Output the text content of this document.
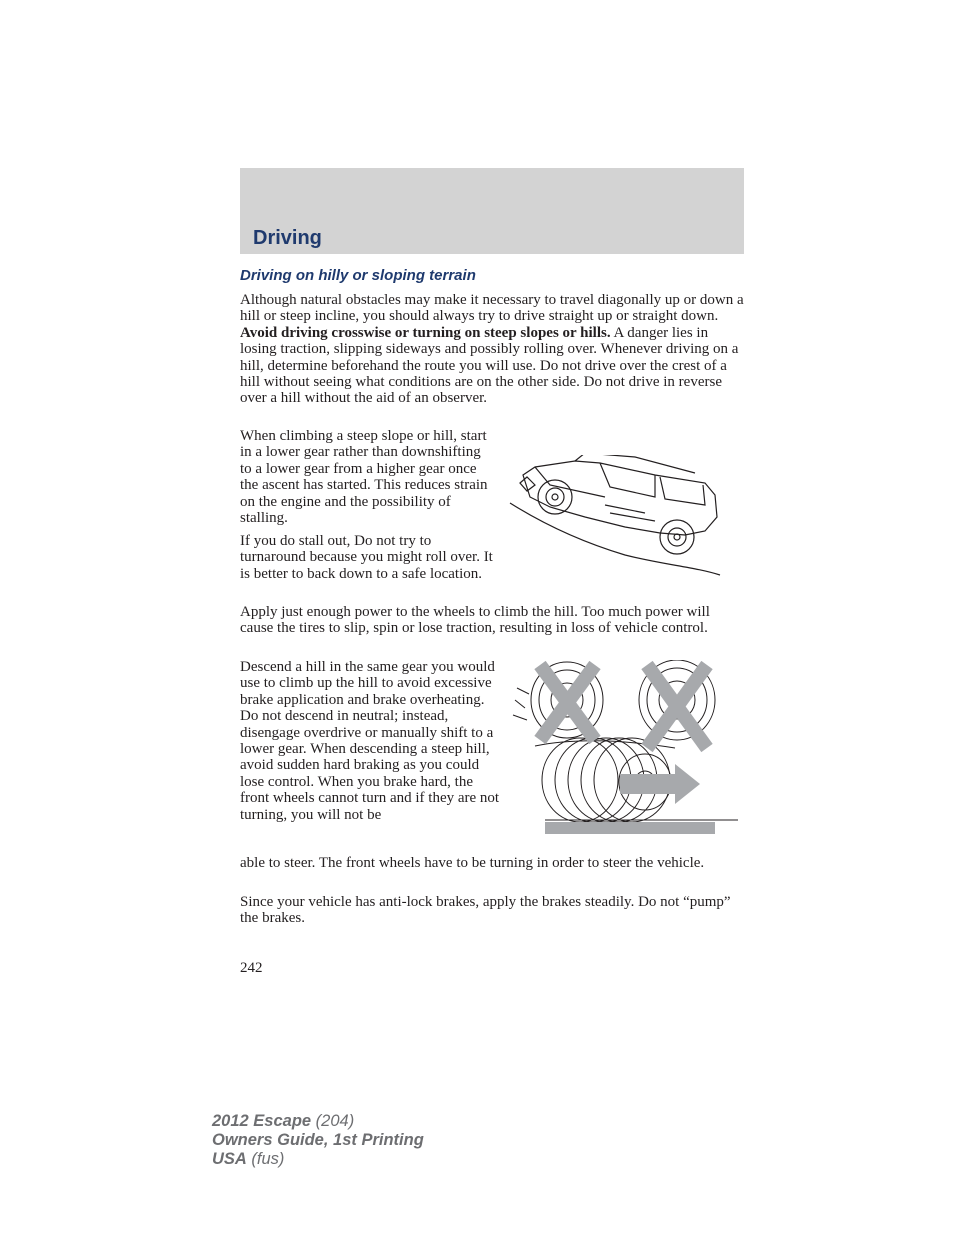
Driving
Driving on hilly or sloping terrain

Although natural obstacles may make it necessary to travel diagonally up or down a hill or steep incline, you should always try to drive straight up or straight down. Avoid driving crosswise or turning on steep slopes or hills. A danger lies in losing traction, slipping sideways and possibly rolling over. Whenever driving on a hill, determine beforehand the route you will use. Do not drive over the crest of a hill without seeing what conditions are on the other side. Do not drive in reverse over a hill without the aid of an observer.

When climbing a steep slope or hill, start in a lower gear rather than downshifting to a lower gear from a higher gear once the ascent has started. This reduces strain on the engine and the possibility of stalling.

If you do stall out, Do not try to turnaround because you might roll over. It is better to back down to a safe location.

Apply just enough power to the wheels to climb the hill. Too much power will cause the tires to slip, spin or lose traction, resulting in loss of vehicle control.

Descend a hill in the same gear you would use to climb up the hill to avoid excessive brake application and brake overheating. Do not descend in neutral; instead, disengage overdrive or manually shift to a lower gear. When descending a steep hill, avoid sudden hard braking as you could lose control. When you brake hard, the front wheels cannot turn and if they are not turning, you will not be

able to steer. The front wheels have to be turning in order to steer the vehicle.

Since your vehicle has anti-lock brakes, apply the brakes steadily. Do not “pump” the brakes.

242
2012 Escape (204)
Owners Guide, 1st Printing
USA (fus)
